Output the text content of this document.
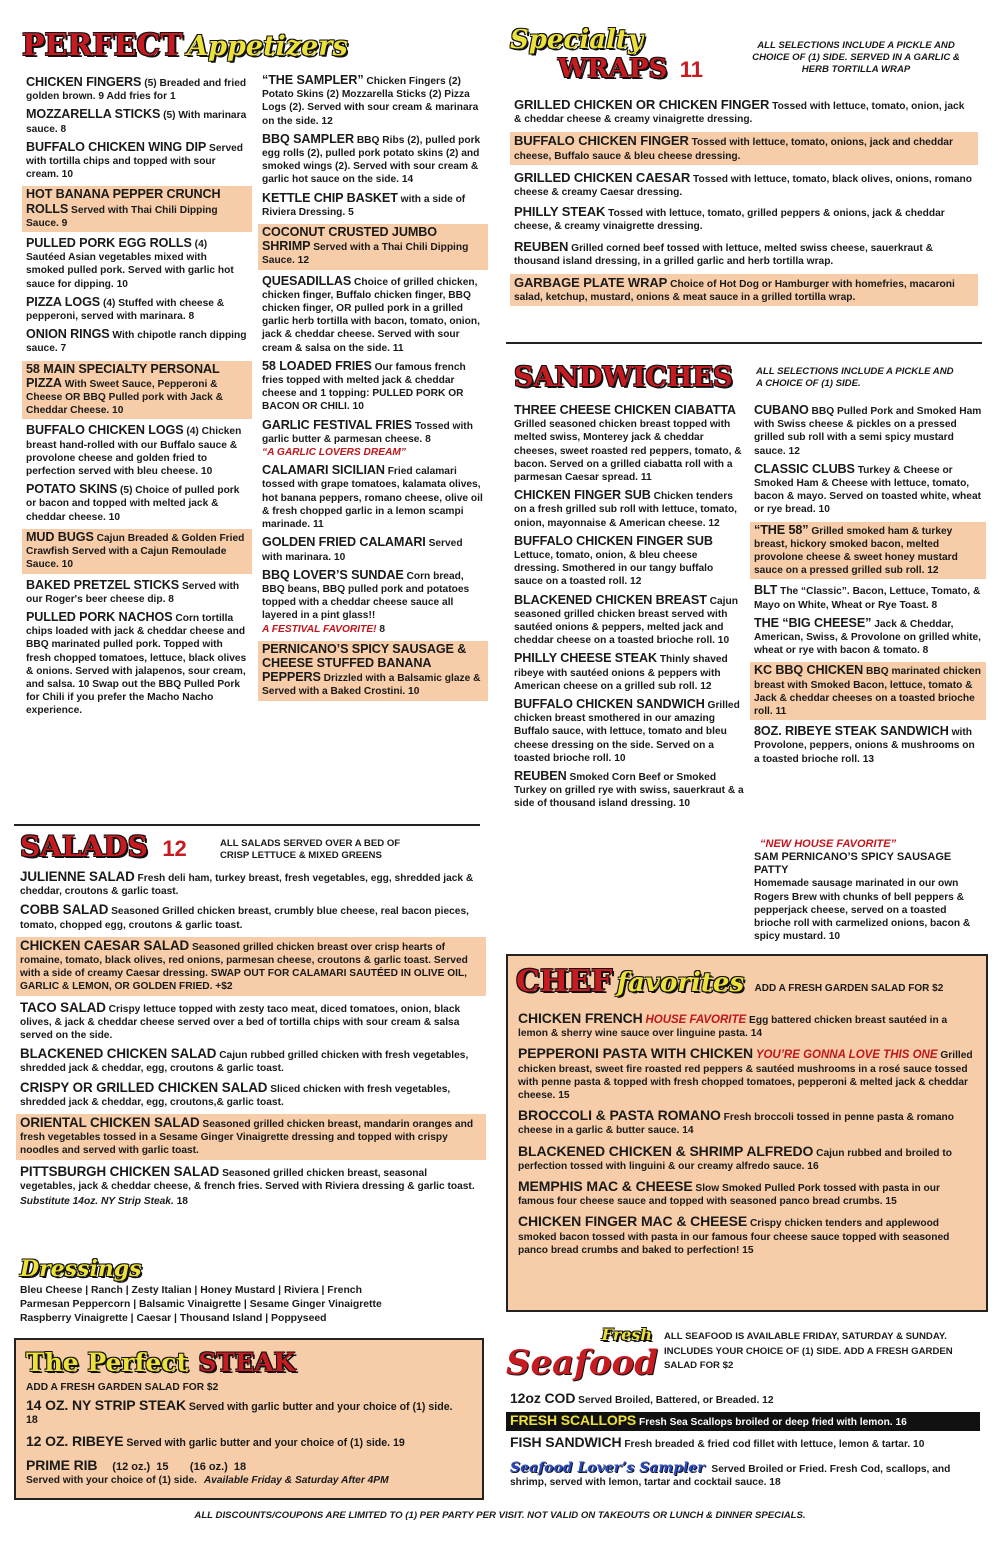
PERFECT Appetizers
CHICKEN FINGERS (5) Breaded and fried golden brown. 9 Add fries for 1
MOZZARELLA STICKS (5) With marinara sauce. 8
BUFFALO CHICKEN WING DIP Served with tortilla chips and topped with sour cream. 10
HOT BANANA PEPPER CRUNCH ROLLS Served with Thai Chili Dipping Sauce. 9
PULLED PORK EGG ROLLS (4) Sautéed Asian vegetables mixed with smoked pulled pork. Served with garlic hot sauce for dipping. 10
PIZZA LOGS (4) Stuffed with cheese & pepperoni, served with marinara. 8
ONION RINGS With chipotle ranch dipping sauce. 7
58 MAIN SPECIALTY PERSONAL PIZZA With Sweet Sauce, Pepperoni & Cheese OR BBQ Pulled pork with Jack & Cheddar Cheese. 10
BUFFALO CHICKEN LOGS (4) Chicken breast hand-rolled with our Buffalo sauce & provolone cheese and golden fried to perfection served with bleu cheese. 10
POTATO SKINS (5) Choice of pulled pork or bacon and topped with melted jack & cheddar cheese. 10
MUD BUGS Cajun Breaded & Golden Fried Crawfish Served with a Cajun Remoulade Sauce. 10
BAKED PRETZEL STICKS Served with our Roger's beer cheese dip. 8
PULLED PORK NACHOS Corn tortilla chips loaded with jack & cheddar cheese and BBQ marinated pulled pork. Topped with fresh chopped tomatoes, lettuce, black olives & onions. Served with jalapenos, sour cream, and salsa. 10 Swap out the BBQ Pulled Pork for Chili if you prefer the Macho Nacho experience.
“THE SAMPLER” Chicken Fingers (2) Potato Skins (2) Mozzarella Sticks (2) Pizza Logs (2). Served with sour cream & marinara on the side. 12
BBQ SAMPLER BBQ Ribs (2), pulled pork egg rolls (2), pulled pork potato skins (2) and smoked wings (2). Served with sour cream & garlic hot sauce on the side. 14
KETTLE CHIP BASKET with a side of Riviera Dressing. 5
COCONUT CRUSTED JUMBO SHRIMP Served with a Thai Chili Dipping Sauce. 12
QUESADILLAS Choice of grilled chicken, chicken finger, Buffalo chicken finger, BBQ chicken finger, OR pulled pork in a grilled garlic herb tortilla with bacon, tomato, onion, jack & cheddar cheese. Served with sour cream & salsa on the side. 11
58 LOADED FRIES Our famous french fries topped with melted jack & cheddar cheese and 1 topping: PULLED PORK OR BACON OR CHILI. 10
GARLIC FESTIVAL FRIES Tossed with garlic butter & parmesan cheese. 8
“A GARLIC LOVERS DREAM”
CALAMARI SICILIAN Fried calamari tossed with grape tomatoes, kalamata olives, hot banana peppers, romano cheese, olive oil & fresh chopped garlic in a lemon scampi marinade. 11
GOLDEN FRIED CALAMARI Served with marinara. 10
BBQ LOVER’S SUNDAE Corn bread, BBQ beans, BBQ pulled pork and potatoes topped with a cheddar cheese sauce all layered in a pint glass!!
A FESTIVAL FAVORITE! 8
PERNICANO’S SPICY SAUSAGE & CHEESE STUFFED BANANA PEPPERS Drizzled with a Balsamic glaze & Served with a Baked Crostini. 10
Specialty
WRAPS 11
ALL SELECTIONS INCLUDE A PICKLE AND CHOICE OF (1) SIDE. SERVED IN A GARLIC & HERB TORTILLA WRAP
GRILLED CHICKEN OR CHICKEN FINGER Tossed with lettuce, tomato, onion, jack & cheddar cheese & creamy vinaigrette dressing.
BUFFALO CHICKEN FINGER Tossed with lettuce, tomato, onions, jack and cheddar cheese, Buffalo sauce & bleu cheese dressing.
GRILLED CHICKEN CAESAR Tossed with lettuce, tomato, black olives, onions, romano cheese & creamy Caesar dressing.
PHILLY STEAK Tossed with lettuce, tomato, grilled peppers & onions, jack & cheddar cheese, & creamy vinaigrette dressing.
REUBEN Grilled corned beef tossed with lettuce, melted swiss cheese, sauerkraut & thousand island dressing, in a grilled garlic and herb tortilla wrap.
GARBAGE PLATE WRAP Choice of Hot Dog or Hamburger with homefries, macaroni salad, ketchup, mustard, onions & meat sauce in a grilled tortilla wrap.
SANDWICHES ALL SELECTIONS INCLUDE A PICKLE AND A CHOICE OF (1) SIDE.
THREE CHEESE CHICKEN CIABATTA Grilled seasoned chicken breast topped with melted swiss, Monterey jack & cheddar cheeses, sweet roasted red peppers, tomato, & bacon. Served on a grilled ciabatta roll with a parmesan Caesar spread. 11
CHICKEN FINGER SUB Chicken tenders on a fresh grilled sub roll with lettuce, tomato, onion, mayonnaise & American cheese. 12
BUFFALO CHICKEN FINGER SUB Lettuce, tomato, onion, & bleu cheese dressing. Smothered in our tangy buffalo sauce on a toasted roll. 12
BLACKENED CHICKEN BREAST Cajun seasoned grilled chicken breast served with sautéed onions & peppers, melted jack and cheddar cheese on a toasted brioche roll. 10
PHILLY CHEESE STEAK Thinly shaved ribeye with sautéed onions & peppers with American cheese on a grilled sub roll. 12
BUFFALO CHICKEN SANDWICH Grilled chicken breast smothered in our amazing Buffalo sauce, with lettuce, tomato and bleu cheese dressing on the side. Served on a toasted brioche roll. 10
REUBEN Smoked Corn Beef or Smoked Turkey on grilled rye with swiss, sauerkraut & a side of thousand island dressing. 10
CUBANO BBQ Pulled Pork and Smoked Ham with Swiss cheese & pickles on a pressed grilled sub roll with a semi spicy mustard sauce. 12
CLASSIC CLUBS Turkey & Cheese or Smoked Ham & Cheese with lettuce, tomato, bacon & mayo. Served on toasted white, wheat or rye bread. 10
“THE 58” Grilled smoked ham & turkey breast, hickory smoked bacon, melted provolone cheese & sweet honey mustard sauce on a pressed grilled sub roll. 12
BLT The “Classic”. Bacon, Lettuce, Tomato, & Mayo on White, Wheat or Rye Toast. 8
THE “BIG CHEESE” Jack & Cheddar, American, Swiss, & Provolone on grilled white, wheat or rye with bacon & tomato. 8
KC BBQ CHICKEN BBQ marinated chicken breast with Smoked Bacon, lettuce, tomato & Jack & cheddar cheeses on a toasted brioche roll. 11
8OZ. RIBEYE STEAK SANDWICH with Provolone, peppers, onions & mushrooms on a toasted brioche roll. 13
“NEW HOUSE FAVORITE”
SAM PERNICANO’S SPICY SAUSAGE PATTY
Homemade sausage marinated in our own Rogers Brew with chunks of bell peppers & pepperjack cheese, served on a toasted brioche roll with carmelized onions, bacon & spicy mustard. 10
SALADS 12	ALL SALADS SERVED OVER A BED OF CRISP LETTUCE & MIXED GREENS
JULIENNE SALAD Fresh deli ham, turkey breast, fresh vegetables, egg, shredded jack & cheddar, croutons & garlic toast.
COBB SALAD Seasoned Grilled chicken breast, crumbly blue cheese, real bacon pieces, tomato, chopped egg, croutons & garlic toast.
CHICKEN CAESAR SALAD Seasoned grilled chicken breast over crisp hearts of romaine, tomato, black olives, red onions, parmesan cheese, croutons & garlic toast. Served with a side of creamy Caesar dressing. SWAP OUT FOR CALAMARI SAUTÉED IN OLIVE OIL, GARLIC & LEMON, OR GOLDEN FRIED. +$2
TACO SALAD Crispy lettuce topped with zesty taco meat, diced tomatoes, onion, black olives, & jack & cheddar cheese served over a bed of tortilla chips with sour cream & salsa served on the side.
BLACKENED CHICKEN SALAD Cajun rubbed grilled chicken with fresh vegetables, shredded jack & cheddar, egg, croutons & garlic toast.
CRISPY OR GRILLED CHICKEN SALAD Sliced chicken with fresh vegetables, shredded jack & cheddar, egg, croutons,& garlic toast.
ORIENTAL CHICKEN SALAD Seasoned grilled chicken breast, mandarin oranges and fresh vegetables tossed in a Sesame Ginger Vinaigrette dressing and topped with crispy noodles and served with garlic toast.
PITTSBURGH CHICKEN SALAD Seasoned grilled chicken breast, seasonal vegetables, jack & cheddar cheese, & french fries. Served with Riviera dressing & garlic toast.
Substitute 14oz. NY Strip Steak. 18
Dressings
Bleu Cheese | Ranch | Zesty Italian | Honey Mustard | Riviera | French
Parmesan Peppercorn | Balsamic Vinaigrette | Sesame Ginger Vinaigrette
Raspberry Vinaigrette | Caesar | Thousand Island | Poppyseed
The Perfect STEAK
ADD A FRESH GARDEN SALAD FOR $2
14 OZ. NY STRIP STEAK Served with garlic butter and your choice of (1) side. 18
12 OZ. RIBEYE Served with garlic butter and your choice of (1) side. 19
PRIME RIB (12 oz.)  15       (16 oz.)  18
Served with your choice of (1) side. Available Friday & Saturday After 4PM
CHEF favorites ADD A FRESH GARDEN SALAD FOR $2
CHICKEN FRENCH HOUSE FAVORITE Egg battered chicken breast sautéed in a lemon & sherry wine sauce over linguine pasta. 14
PEPPERONI PASTA WITH CHICKEN YOU’RE GONNA LOVE THIS ONE Grilled chicken breast, sweet fire roasted red peppers & sautéed mushrooms in a rosé sauce tossed with penne pasta & topped with fresh chopped tomatoes, pepperoni & melted jack & cheddar cheese. 15
BROCCOLI & PASTA ROMANO Fresh broccoli tossed in penne pasta & romano cheese in a garlic & butter sauce. 14
BLACKENED CHICKEN & SHRIMP ALFREDO Cajun rubbed and broiled to perfection tossed with linguini & our creamy alfredo sauce. 16
MEMPHIS MAC & CHEESE Slow Smoked Pulled Pork tossed with pasta in our famous four cheese sauce and topped with seasoned panco bread crumbs. 15
CHICKEN FINGER MAC & CHEESE Crispy chicken tenders and applewood smoked bacon tossed with pasta in our famous four cheese sauce topped with seasoned panco bread crumbs and baked to perfection! 15
Fresh
Seafood
ALL SEAFOOD IS AVAILABLE FRIDAY, SATURDAY & SUNDAY. INCLUDES YOUR CHOICE OF (1) SIDE. ADD A FRESH GARDEN SALAD FOR $2
12oz COD Served Broiled, Battered, or Breaded. 12
FRESH SCALLOPS Fresh Sea Scallops broiled or deep fried with lemon. 16
FISH SANDWICH Fresh breaded & fried cod fillet with lettuce, lemon & tartar. 10
Seafood Lover’s Sampler Served Broiled or Fried. Fresh Cod, scallops, and shrimp, served with lemon, tartar and cocktail sauce. 18
ALL DISCOUNTS/COUPONS ARE LIMITED TO (1) PER PARTY PER VISIT. NOT VALID ON TAKEOUTS OR LUNCH & DINNER SPECIALS.
